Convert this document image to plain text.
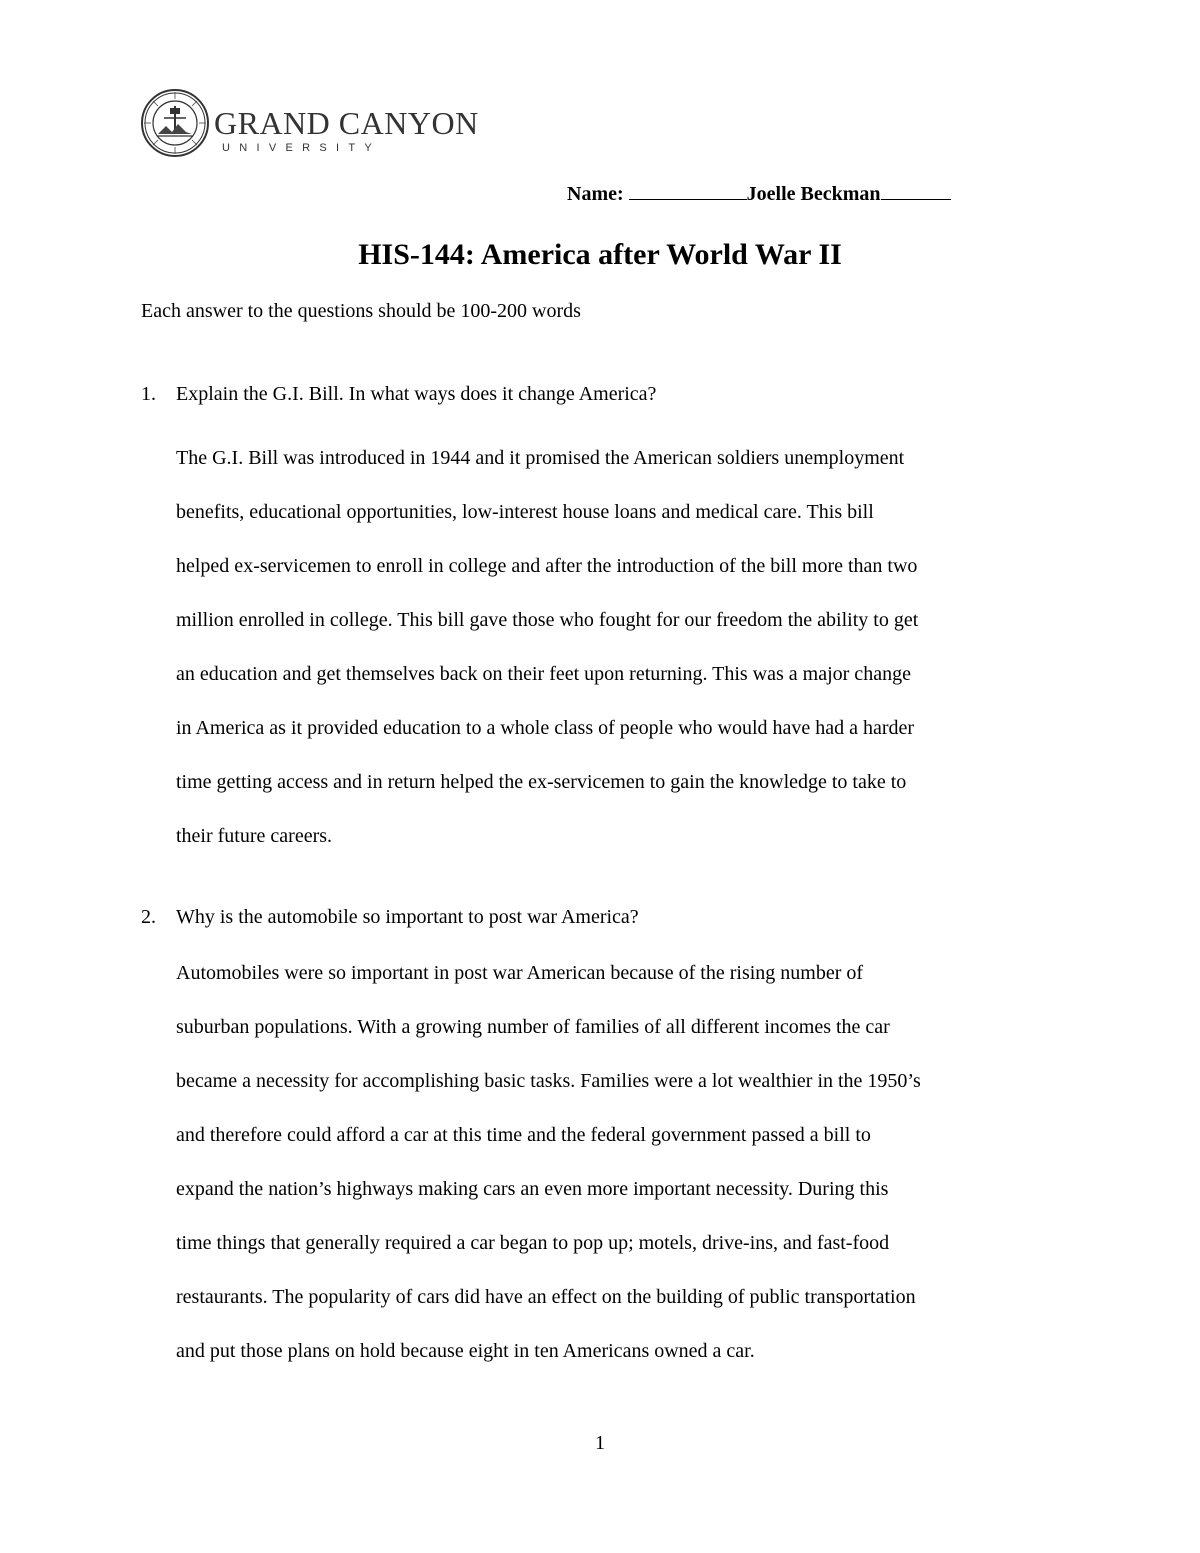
GRAND CANYON
UNIVERSITY
Name:	Joelle Beckman
HIS-144: America after World War II
Each answer to the questions should be 100-200 words
1. Explain the G.I. Bill. In what ways does it change America?
The G.I. Bill was introduced in 1944 and it promised the American soldiers unemployment
benefits, educational opportunities, low-interest house loans and medical care. This bill
helped ex-servicemen to enroll in college and after the introduction of the bill more than two
million enrolled in college. This bill gave those who fought for our freedom the ability to get
an education and get themselves back on their feet upon returning. This was a major change
in America as it provided education to a whole class of people who would have had a harder
time getting access and in return helped the ex-servicemen to gain the knowledge to take to
their future careers.
2. Why is the automobile so important to post war America?
Automobiles were so important in post war American because of the rising number of
suburban populations. With a growing number of families of all different incomes the car
became a necessity for accomplishing basic tasks. Families were a lot wealthier in the 1950’s
and therefore could afford a car at this time and the federal government passed a bill to
expand the nation’s highways making cars an even more important necessity. During this
time things that generally required a car began to pop up; motels, drive-ins, and fast-food
restaurants. The popularity of cars did have an effect on the building of public transportation
and put those plans on hold because eight in ten Americans owned a car.
1
